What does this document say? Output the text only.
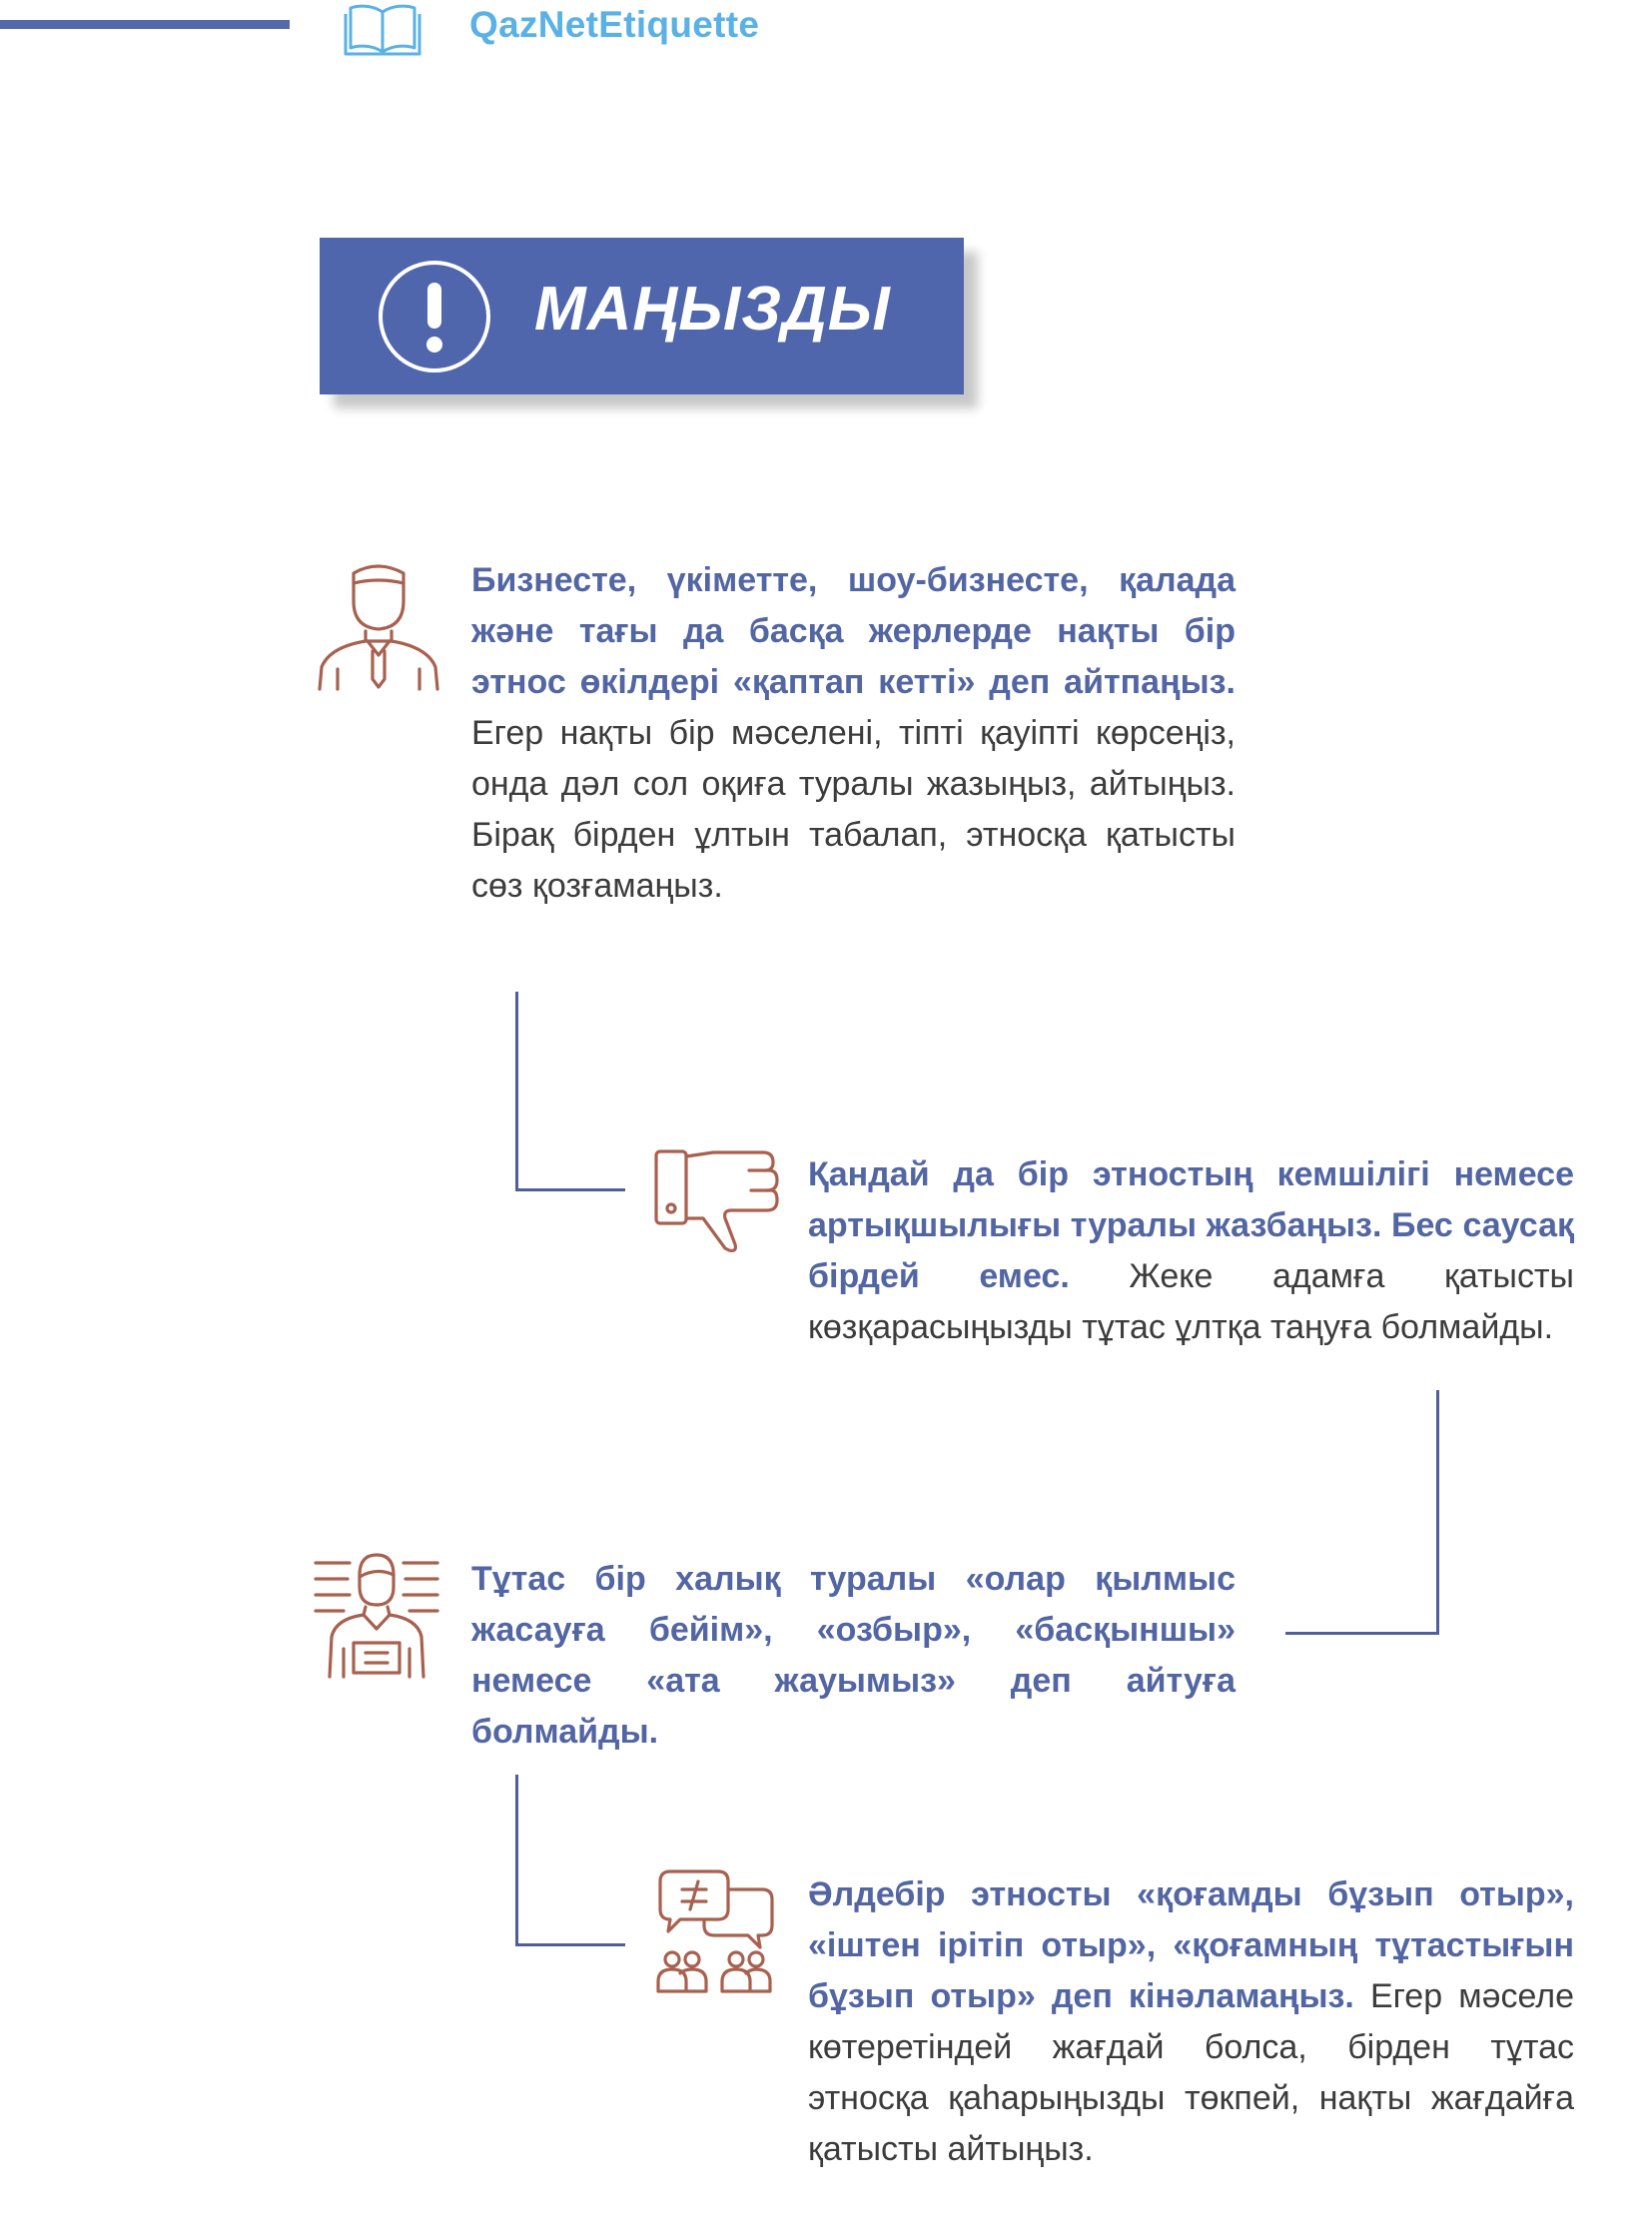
QazNetEtiquette
МАҢЫЗДЫ

Бизнесте, үкіметте, шоу-бизнесте, қалада және тағы да басқа жерлерде нақты бір этнос өкілдері «қаптап кетті» деп айтпаңыз. Егер нақты бір мәселені, тіпті қауіпті көрсеңіз, онда дәл сол оқиға туралы жазыңыз, айтыңыз. Бірақ бірден ұлтын табалап, этносқа қатысты сөз қозғамаңыз.

Қандай да бір этностың кемшілігі немесе артықшылығы туралы жазбаңыз. Бес саусақ бірдей емес. Жеке адамға қатысты көзқарасыңызды тұтас ұлтқа таңуға болмайды.

Тұтас бір халық туралы «олар қылмыс жасауға бейім», «озбыр», «басқыншы» немесе «ата жауымыз» деп айтуға болмайды.

Әлдебір этносты «қоғамды бұзып отыр», «іштен ірітіп отыр», «қоғамның тұтастығын бұзып отыр» деп кінәламаңыз. Егер мәселе көтеретіндей жағдай болса, бірден тұтас этносқа қаһарыңызды төкпей, нақты жағдайға қатысты айтыңыз.
